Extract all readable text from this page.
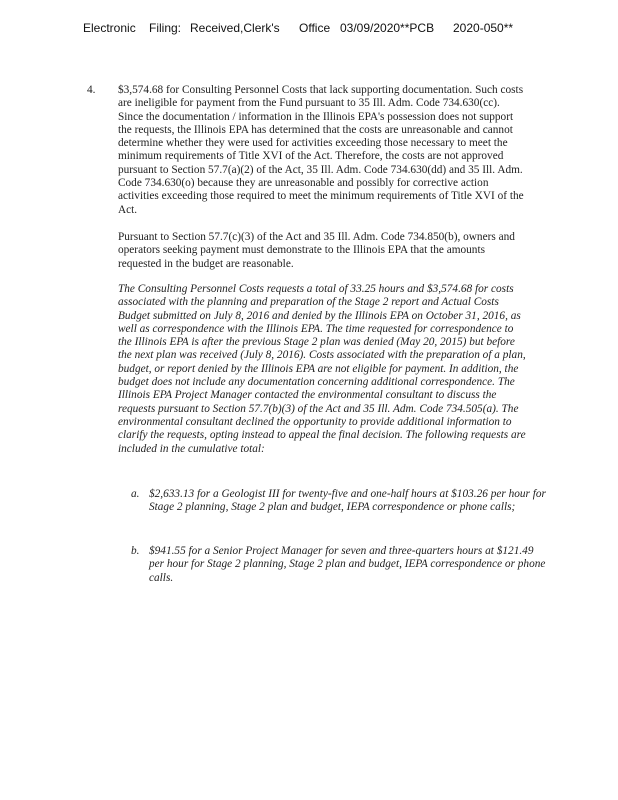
Electronic Filing: Received,Clerk's Office 03/09/2020**PCB 2020-050**
4. $3,574.68 for Consulting Personnel Costs that lack supporting documentation. Such costs are ineligible for payment from the Fund pursuant to 35 Ill. Adm. Code 734.630(cc). Since the documentation / information in the Illinois EPA's possession does not support the requests, the Illinois EPA has determined that the costs are unreasonable and cannot determine whether they were used for activities exceeding those necessary to meet the minimum requirements of Title XVI of the Act. Therefore, the costs are not approved pursuant to Section 57.7(a)(2) of the Act, 35 Ill. Adm. Code 734.630(dd) and 35 Ill. Adm. Code 734.630(o) because they are unreasonable and possibly for corrective action activities exceeding those required to meet the minimum requirements of Title XVI of the Act.

Pursuant to Section 57.7(c)(3) of the Act and 35 Ill. Adm. Code 734.850(b), owners and operators seeking payment must demonstrate to the Illinois EPA that the amounts requested in the budget are reasonable.

The Consulting Personnel Costs requests a total of 33.25 hours and $3,574.68 for costs associated with the planning and preparation of the Stage 2 report and Actual Costs Budget submitted on July 8, 2016 and denied by the Illinois EPA on October 31, 2016, as well as correspondence with the Illinois EPA. The time requested for correspondence to the Illinois EPA is after the previous Stage 2 plan was denied (May 20, 2015) but before the next plan was received (July 8, 2016). Costs associated with the preparation of a plan, budget, or report denied by the Illinois EPA are not eligible for payment. In addition, the budget does not include any documentation concerning additional correspondence. The Illinois EPA Project Manager contacted the environmental consultant to discuss the requests pursuant to Section 57.7(b)(3) of the Act and 35 Ill. Adm. Code 734.505(a). The environmental consultant declined the opportunity to provide additional information to clarify the requests, opting instead to appeal the final decision. The following requests are included in the cumulative total:

a. $2,633.13 for a Geologist III for twenty-five and one-half hours at $103.26 per hour for Stage 2 planning, Stage 2 plan and budget, IEPA correspondence or phone calls;

b. $941.55 for a Senior Project Manager for seven and three-quarters hours at $121.49 per hour for Stage 2 planning, Stage 2 plan and budget, IEPA correspondence or phone calls.
